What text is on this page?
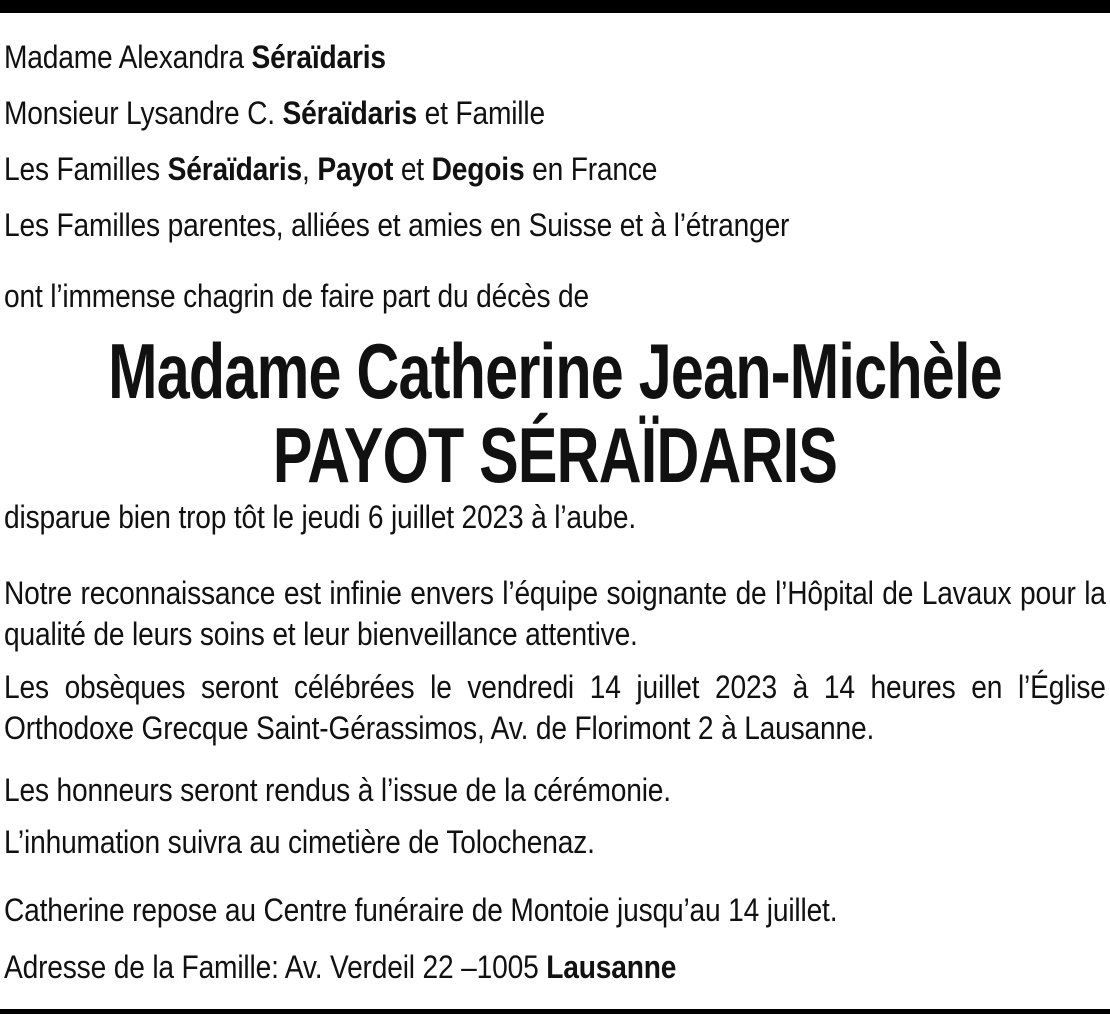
Madame Alexandra Séraïdaris

Monsieur Lysandre C. Séraïdaris et Famille

Les Familles Séraïdaris, Payot et Degois en France

Les Familles parentes, alliées et amies en Suisse et à l’étranger

ont l’immense chagrin de faire part du décès de

Madame Catherine Jean-Michèle
PAYOT SÉRAÏDARIS

disparue bien trop tôt le jeudi 6 juillet 2023 à l’aube.

Notre reconnaissance est infinie envers l’équipe soignante de l’Hôpital de Lavaux pour la qualité de leurs soins et leur bienveillance attentive.

Les obsèques seront célébrées le vendredi 14 juillet 2023 à 14 heures en l’Église Orthodoxe Grecque Saint-Gérassimos, Av. de Florimont 2 à Lausanne.

Les honneurs seront rendus à l’issue de la cérémonie.

L’inhumation suivra au cimetière de Tolochenaz.

Catherine repose au Centre funéraire de Montoie jusqu’au 14 juillet.

Adresse de la Famille: Av. Verdeil 22 –1005 Lausanne
